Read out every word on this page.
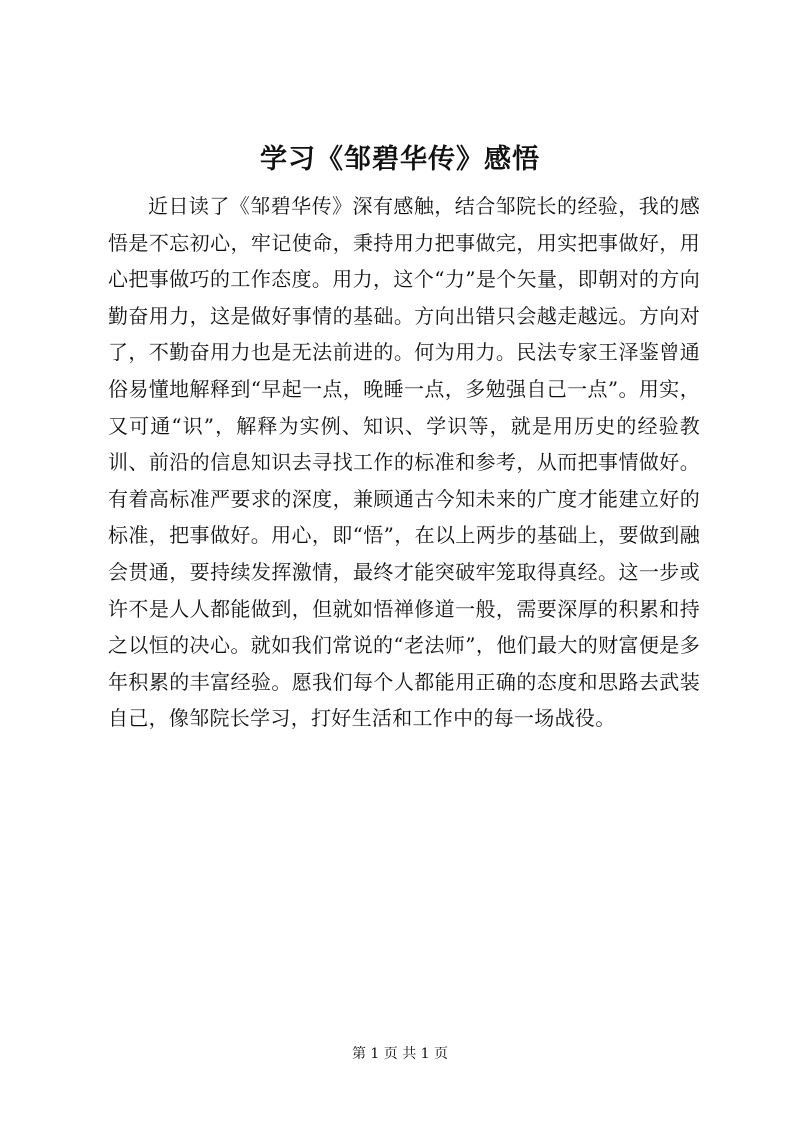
学习《邹碧华传》感悟

近日读了《邹碧华传》深有感触，结合邹院长的经验，我的感悟是不忘初心，牢记使命，秉持用力把事做完，用实把事做好，用心把事做巧的工作态度。用力，这个“力”是个矢量，即朝对的方向勤奋用力，这是做好事情的基础。方向出错只会越走越远。方向对了，不勤奋用力也是无法前进的。何为用力。民法专家王泽鉴曾通俗易懂地解释到“早起一点，晚睡一点，多勉强自己一点”。用实，又可通“识”，解释为实例、知识、学识等，就是用历史的经验教训、前沿的信息知识去寻找工作的标准和参考，从而把事情做好。有着高标准严要求的深度，兼顾通古今知未来的广度才能建立好的标准，把事做好。用心，即“悟”，在以上两步的基础上，要做到融会贯通，要持续发挥激情，最终才能突破牢笼取得真经。这一步或许不是人人都能做到，但就如悟禅修道一般，需要深厚的积累和持之以恒的决心。就如我们常说的“老法师”，他们最大的财富便是多年积累的丰富经验。愿我们每个人都能用正确的态度和思路去武装自己，像邹院长学习，打好生活和工作中的每一场战役。

第 1 页 共 1 页
